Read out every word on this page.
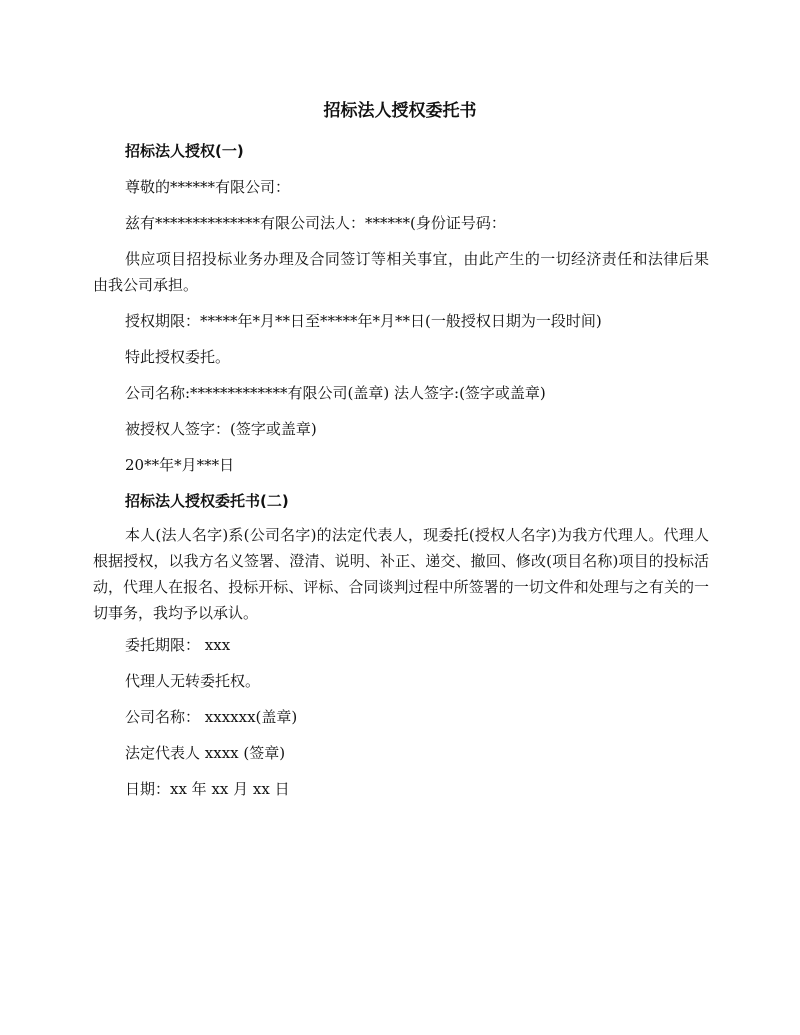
招标法人授权委托书

招标法人授权(一)

尊敬的******有限公司：

兹有**************有限公司法人：******(身份证号码：

供应项目招投标业务办理及合同签订等相关事宜，由此产生的一切经济责任和法律后果由我公司承担。

授权期限：*****年*月**日至*****年*月**日(一般授权日期为一段时间)

特此授权委托。

公司名称:*************有限公司(盖章) 法人签字:(签字或盖章)

被授权人签字：(签字或盖章)

20**年*月***日

招标法人授权委托书(二)

本人(法人名字)系(公司名字)的法定代表人，现委托(授权人名字)为我方代理人。代理人根据授权，以我方名义签署、澄清、说明、补正、递交、撤回、修改(项目名称)项目的投标活动，代理人在报名、投标开标、评标、合同谈判过程中所签署的一切文件和处理与之有关的一切事务，我均予以承认。

委托期限： xxx

代理人无转委托权。

公司名称： xxxxxx(盖章)

法定代表人 xxxx (签章)

日期：xx 年 xx 月 xx 日
